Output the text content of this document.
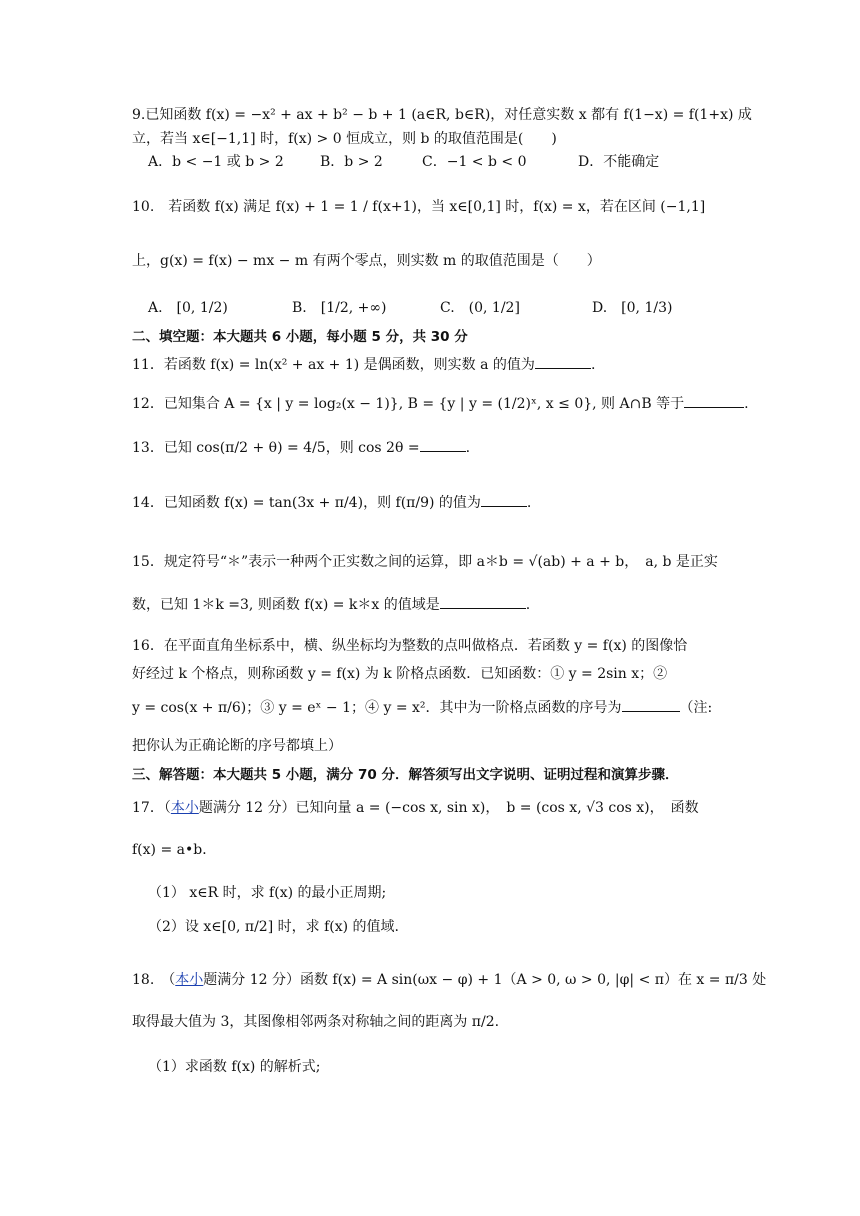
9.已知函数 f(x) = −x² + ax + b² − b + 1 (a∈R, b∈R)，对任意实数 x 都有 f(1−x) = f(1+x) 成
立，若当 x∈[−1,1] 时，f(x) > 0 恒成立，则 b 的取值范围是(　　)
A．b < −1 或 b > 2	B．b > 2	C．−1 < b < 0	D．不能确定
10.　若函数 f(x) 满足 f(x) + 1 = 1 / f(x+1)，当 x∈[0,1] 时，f(x) = x，若在区间 (−1,1]
上，g(x) = f(x) − mx − m 有两个零点，则实数 m 的取值范围是（　　）
A.　[0, 1/2)	B.　[1/2, +∞)	C.　(0, 1/2]	D.　[0, 1/3)
二、填空题：本大题共 6 小题，每小题 5 分，共 30 分
11．若函数 f(x) = ln(x² + ax + 1) 是偶函数，则实数 a 的值为	.
12．已知集合 A = {x | y = log₂(x − 1)}, B = {y | y = (1/2)ˣ, x ≤ 0}, 则 A∩B 等于	.
13．已知 cos(π/2 + θ) = 4/5，则 cos 2θ =	.
14．已知函数 f(x) = tan(3x + π/4)，则 f(π/9) 的值为	.
15．规定符号“＊”表示一种两个正实数之间的运算，即 a＊b = √(ab) + a + b，　a, b 是正实
数，已知 1＊k =3, 则函数 f(x) = k＊x 的值域是	.
16．在平面直角坐标系中，横、纵坐标均为整数的点叫做格点．若函数 y = f(x) 的图像恰
好经过 k 个格点，则称函数 y = f(x) 为 k 阶格点函数．已知函数：① y = 2sin x；②
y = cos(x + π/6)；③ y = eˣ − 1；④ y = x²．其中为一阶格点函数的序号为	（注:
把你认为正确论断的序号都填上）
三、解答题：本大题共 5 小题，满分 70 分．解答须写出文字说明、证明过程和演算步骤．
17．（本小题满分 12 分）已知向量 a = (−cos x, sin x)，　b = (cos x, √3 cos x)，　函数
f(x) = a•b．
（1） x∈R 时，求 f(x) 的最小正周期;
（2）设 x∈[0, π/2] 时，求 f(x) 的值域.
18.　（本小题满分 12 分）函数 f(x) = A sin(ωx − φ) + 1（A > 0, ω > 0, |φ| < π）在 x = π/3 处
取得最大值为 3，其图像相邻两条对称轴之间的距离为 π/2.
（1）求函数 f(x) 的解析式;
